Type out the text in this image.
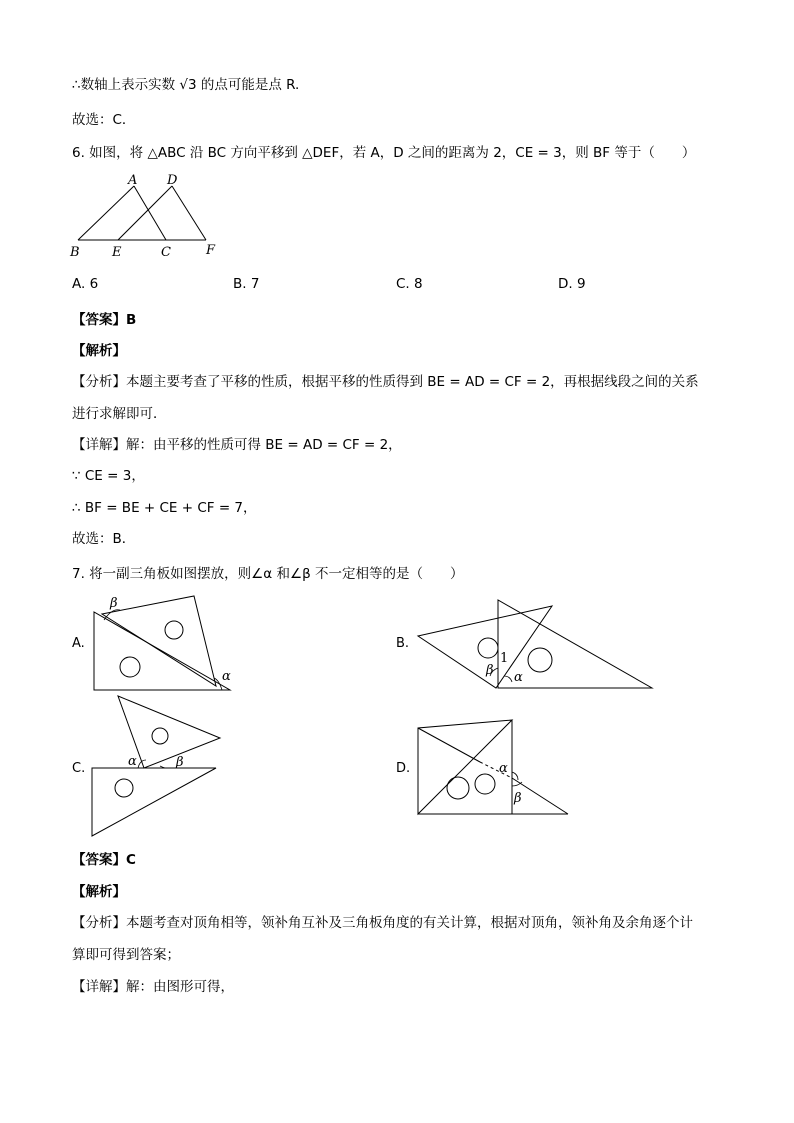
∴数轴上表示实数 √3 的点可能是点 R.
故选：C．
6. 如图，将 △ABC 沿 BC 方向平移到 △DEF，若 A，D 之间的距离为 2，CE = 3，则 BF 等于（　　）
A D
B E	C	F
A. 6	B. 7	C. 8	D. 9
【答案】B
【解析】
【分析】本题主要考查了平移的性质，根据平移的性质得到 BE = AD = CF = 2，再根据线段之间的关系
进行求解即可．
【详解】解：由平移的性质可得 BE = AD = CF = 2，
∵ CE = 3，
∴ BF = BE + CE + CF = 7，
故选：B．
7. 将一副三角板如图摆放，则∠α 和∠β 不一定相等的是（　　）
A.
β
α
B.
β α
1
C.	α	β	D.	α
β
【答案】C
【解析】
【分析】本题考查对顶角相等，领补角互补及三角板角度的有关计算，根据对顶角，领补角及余角逐个计
算即可得到答案；
【详解】解：由图形可得，
